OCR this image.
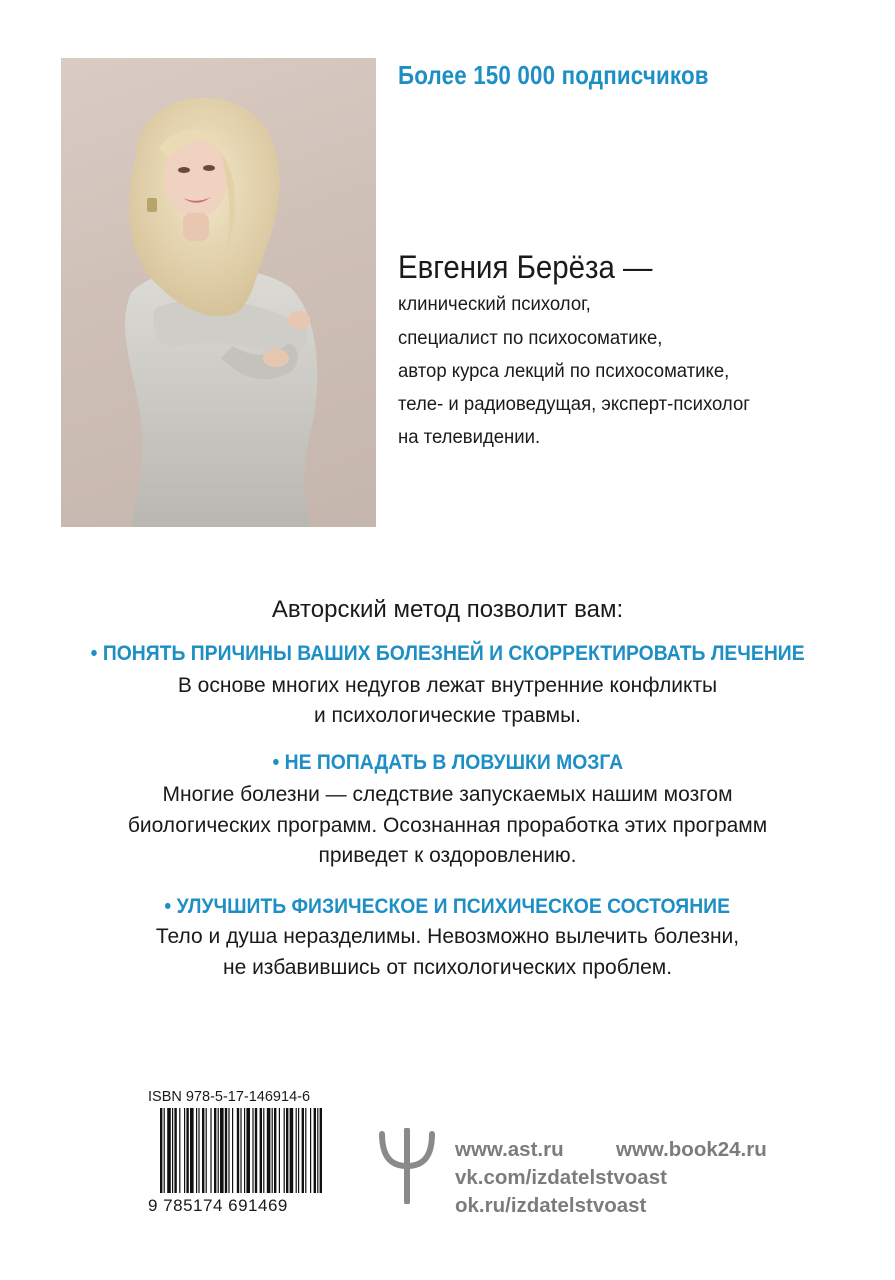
Более 150 000 подписчиков
Евгения Берёза —
клинический психолог,
специалист по психосоматике,
автор курса лекций по психосоматике,
теле- и радиоведущая, эксперт-психолог
на телевидении.
Авторский метод позволит вам:
• ПОНЯТЬ ПРИЧИНЫ ВАШИХ БОЛЕЗНЕЙ И СКОРРЕКТИРОВАТЬ ЛЕЧЕНИЕ
В основе многих недугов лежат внутренние конфликты
и психологические травмы.
• НЕ ПОПАДАТЬ В ЛОВУШКИ МОЗГА
Многие болезни — следствие запускаемых нашим мозгом
биологических программ. Осознанная проработка этих программ
приведет к оздоровлению.
• УЛУЧШИТЬ ФИЗИЧЕСКОЕ И ПСИХИЧЕСКОЕ СОСТОЯНИЕ
Тело и душа неразделимы. Невозможно вылечить болезни,
не избавившись от психологических проблем.
ISBN 978-5-17-146914-6
9 785174 691469
www.ast.ru	www.book24.ru
vk.com/izdatelstvoast
ok.ru/izdatelstvoast
